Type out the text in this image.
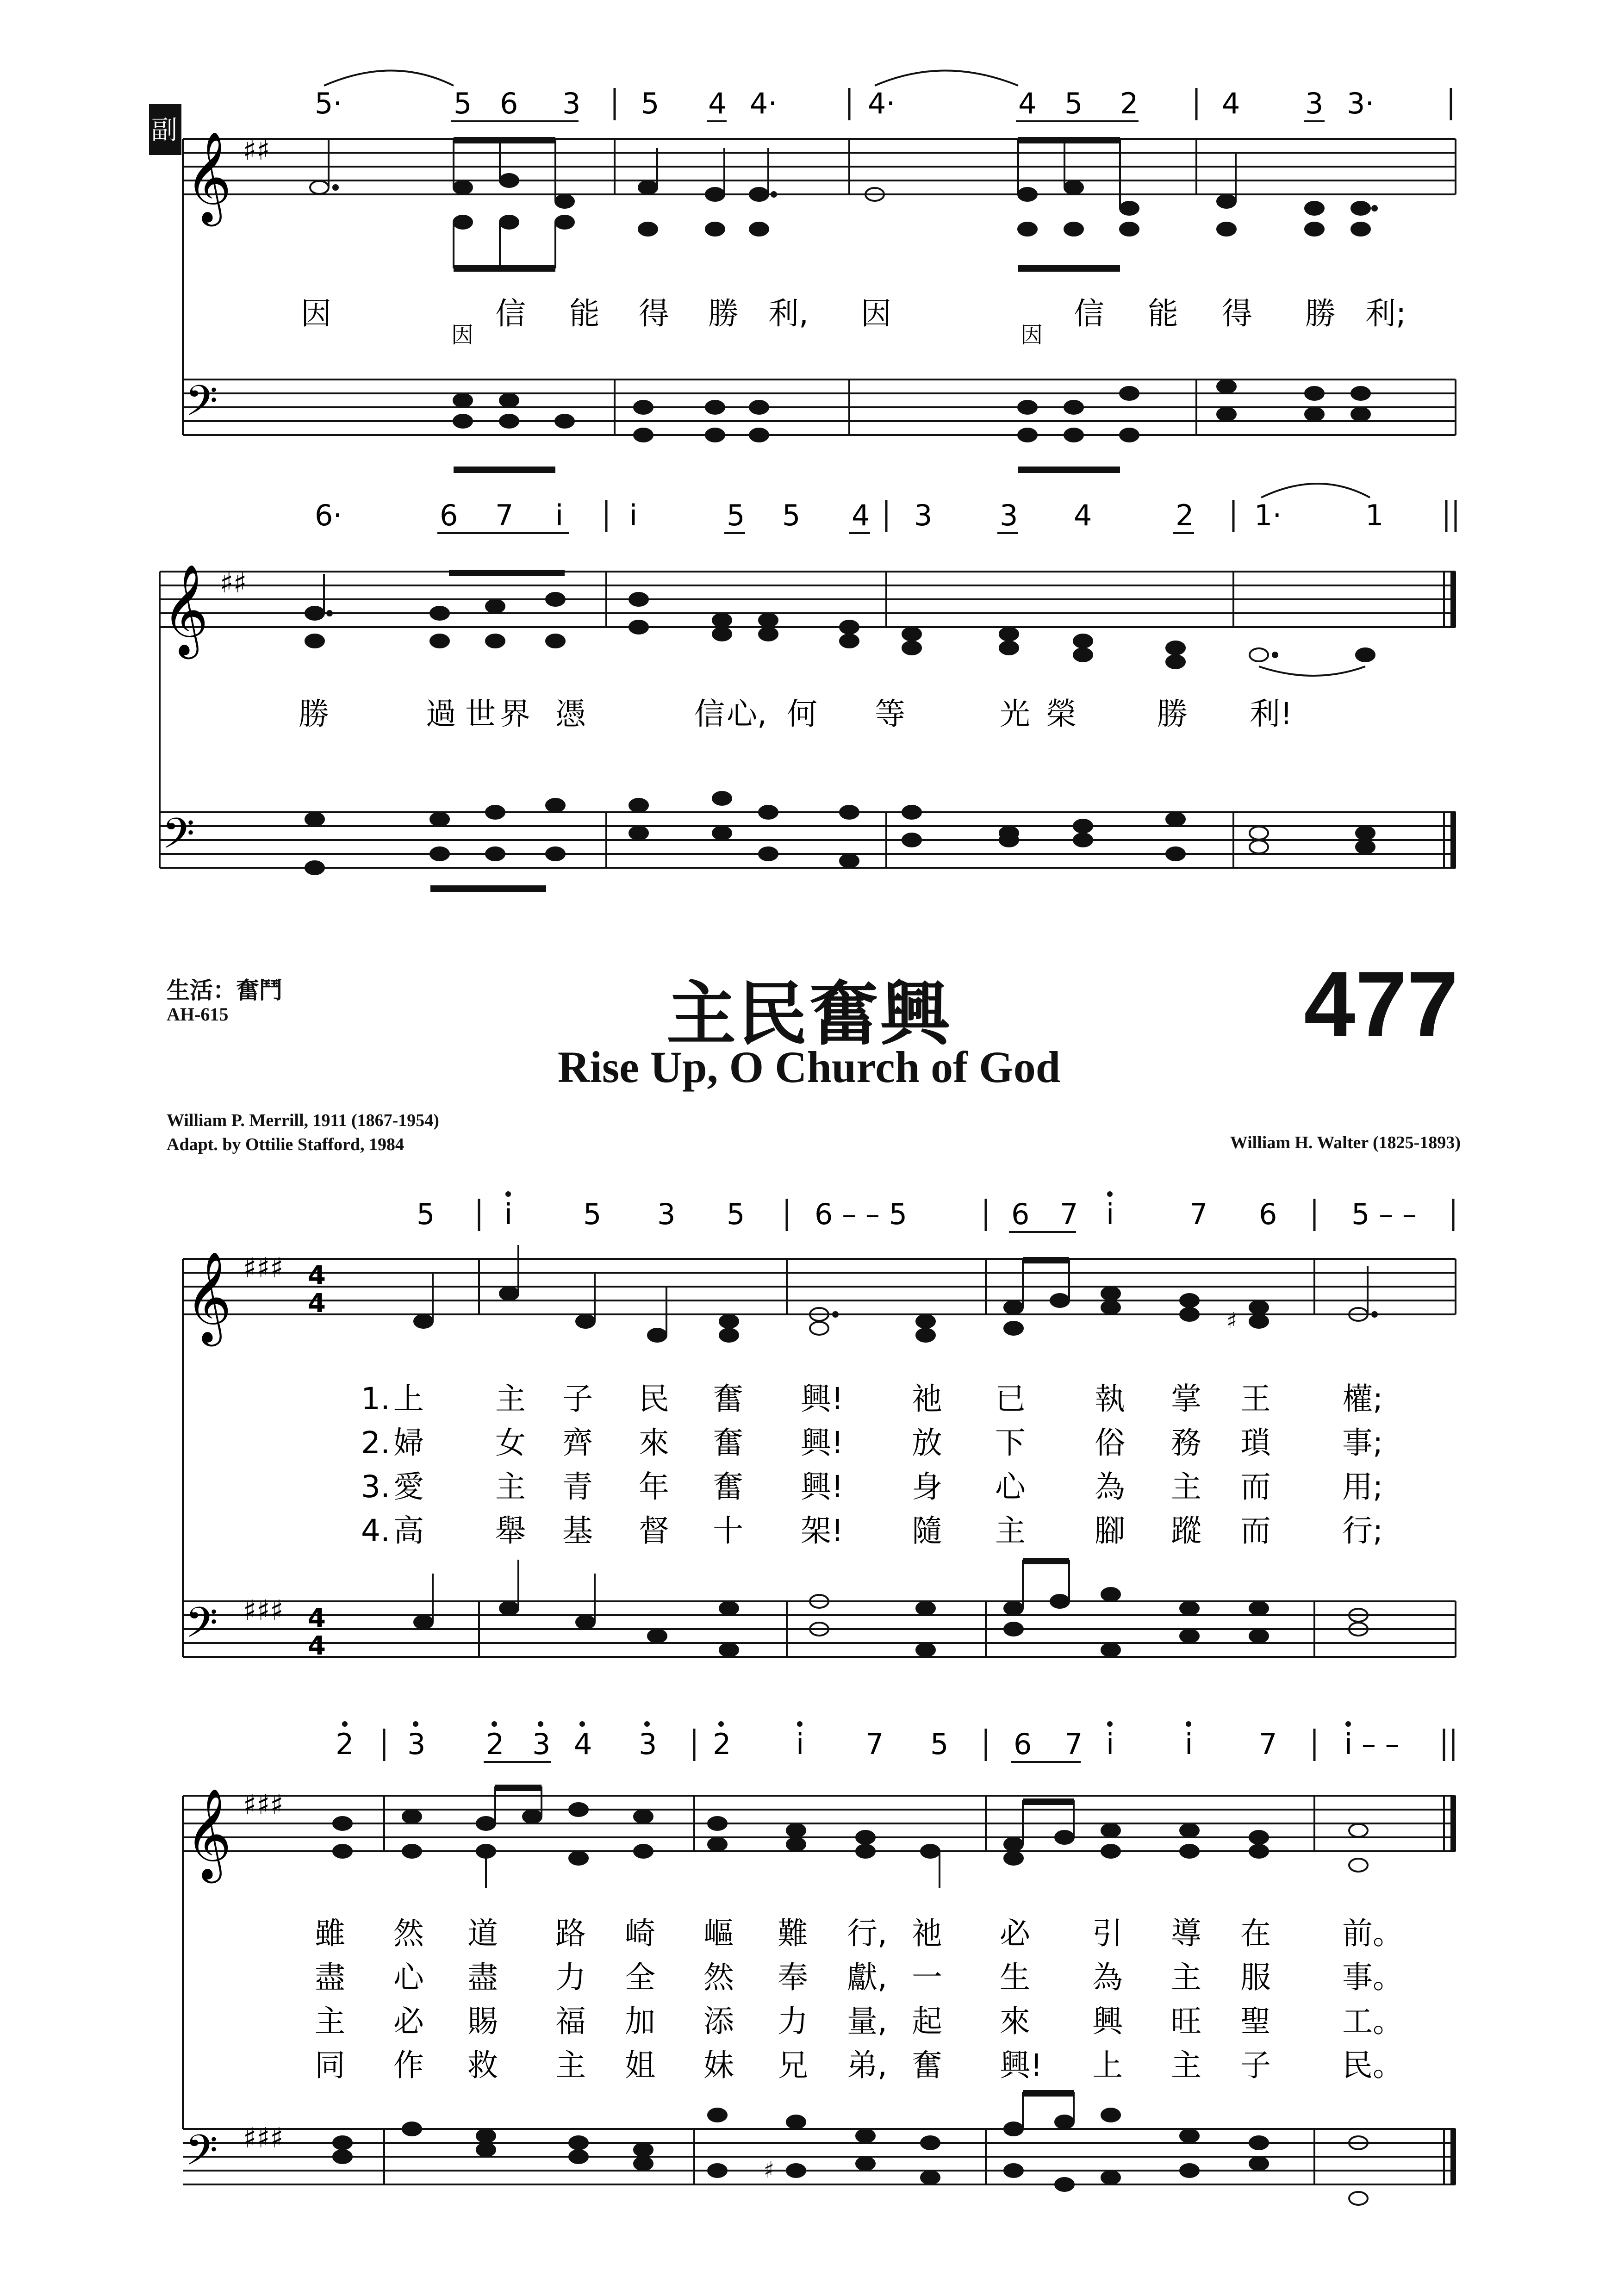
5·	5 6 3 5 4 4·	4·	4 5 2	4 3 3·
副
𝄞 ♯♯
因	信 能 得 勝 利, 因	信 能 得 勝 利;
因	因
𝄢
6·	6 7 i i	5 5 4 3 3 4	2 1·	1
𝄞 ♯♯
勝	過 世 界 憑	信 心, 何 等	光 榮	勝 利!
𝄢
生活：奮鬥
AH-615	主民奮興
Rise Up, O Church of God
477
William P. Merrill, 1911 (1867-1954)
Adapt. by Ottilie Stafford, 1984	William H. Walter (1825-1893)
5 i 5 3 5 6 – – 5	6 7 i	7 6	5 – –
𝄞 ♯♯♯ 4
4
♯
1. 上 主 子 民 奮 興! 祂 已 執 掌 王 權;
2. 婦 女 齊 來 奮 興! 放 下 俗 務 瑣 事;
3. 愛 主 青 年 奮 興! 身 心 為 主 而 用;
4. 高 舉 基 督 十 架! 隨 主 腳 蹤 而 行;
𝄢 ♯♯♯ 4
4
2 3 2 3 4 3 2 i 7 5 6 7 i i 7 i – –
𝄞 ♯♯♯
雖 然 道 路 崎 嶇 難 行, 祂 必 引 導 在 前。
盡 心 盡 力 全 然 奉 獻, 一 生 為 主 服 事。
主 必 賜 福 加 添 力 量, 起 來 興 旺 聖 工。
同 作 救 主 姐 妹 兄 弟, 奮 興! 上 主 子 民。
𝄢 ♯♯♯
♯
